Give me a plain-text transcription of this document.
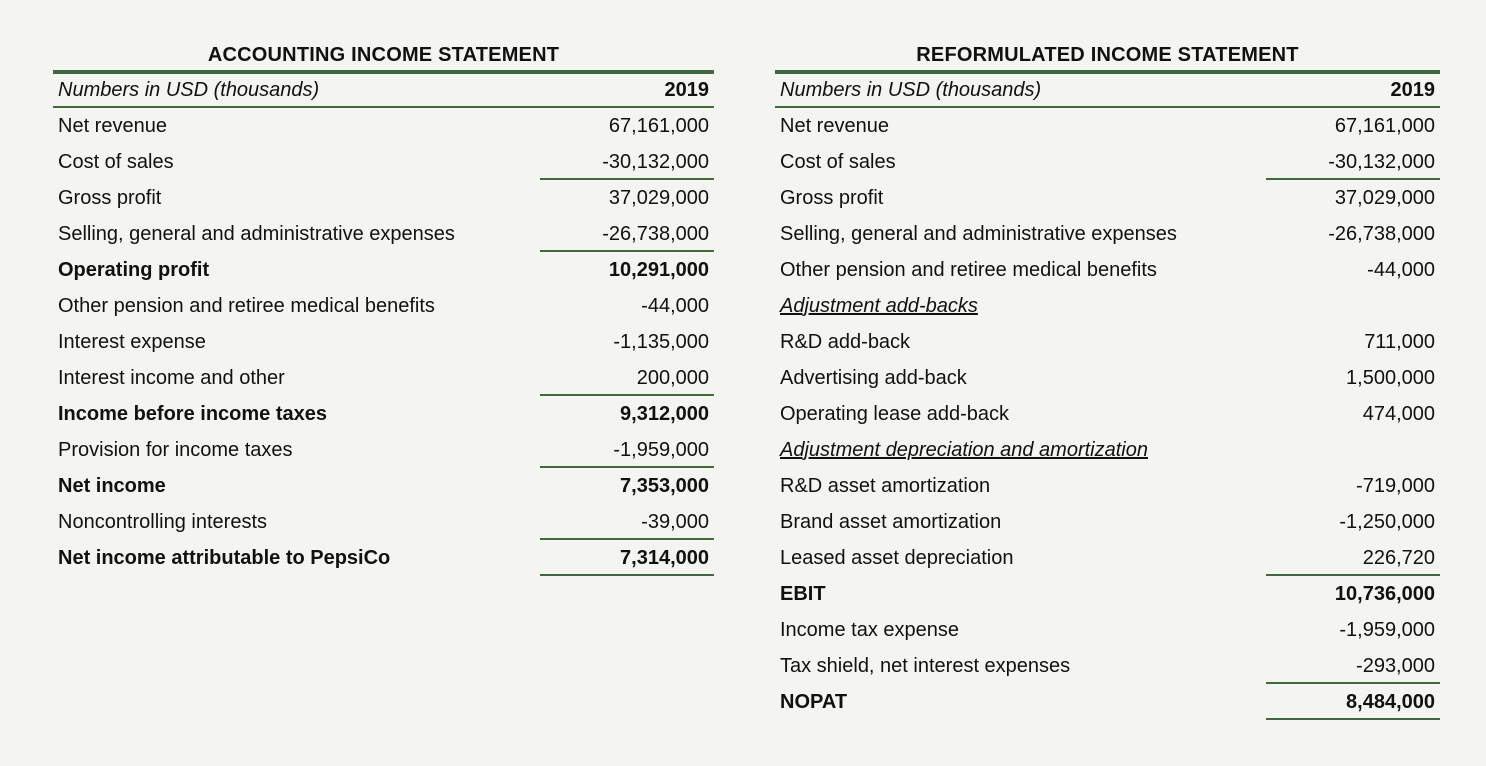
ACCOUNTING INCOME STATEMENT
Numbers in USD (thousands)	2019
Net revenue	67,161,000
Cost of sales	-30,132,000
Gross profit	37,029,000
Selling, general and administrative expenses	-26,738,000
Operating profit	10,291,000
Other pension and retiree medical benefits	-44,000
Interest expense	-1,135,000
Interest income and other	200,000
Income before income taxes	9,312,000
Provision for income taxes	-1,959,000
Net income	7,353,000
Noncontrolling interests	-39,000
Net income attributable to PepsiCo	7,314,000
REFORMULATED INCOME STATEMENT
Numbers in USD (thousands)	2019
Net revenue	67,161,000
Cost of sales	-30,132,000
Gross profit	37,029,000
Selling, general and administrative expenses	-26,738,000
Other pension and retiree medical benefits	-44,000
Adjustment add-backs
R&D add-back	711,000
Advertising add-back	1,500,000
Operating lease add-back	474,000
Adjustment depreciation and amortization
R&D asset amortization	-719,000
Brand asset amortization	-1,250,000
Leased asset depreciation	226,720
EBIT	10,736,000
Income tax expense	-1,959,000
Tax shield, net interest expenses	-293,000
NOPAT	8,484,000
